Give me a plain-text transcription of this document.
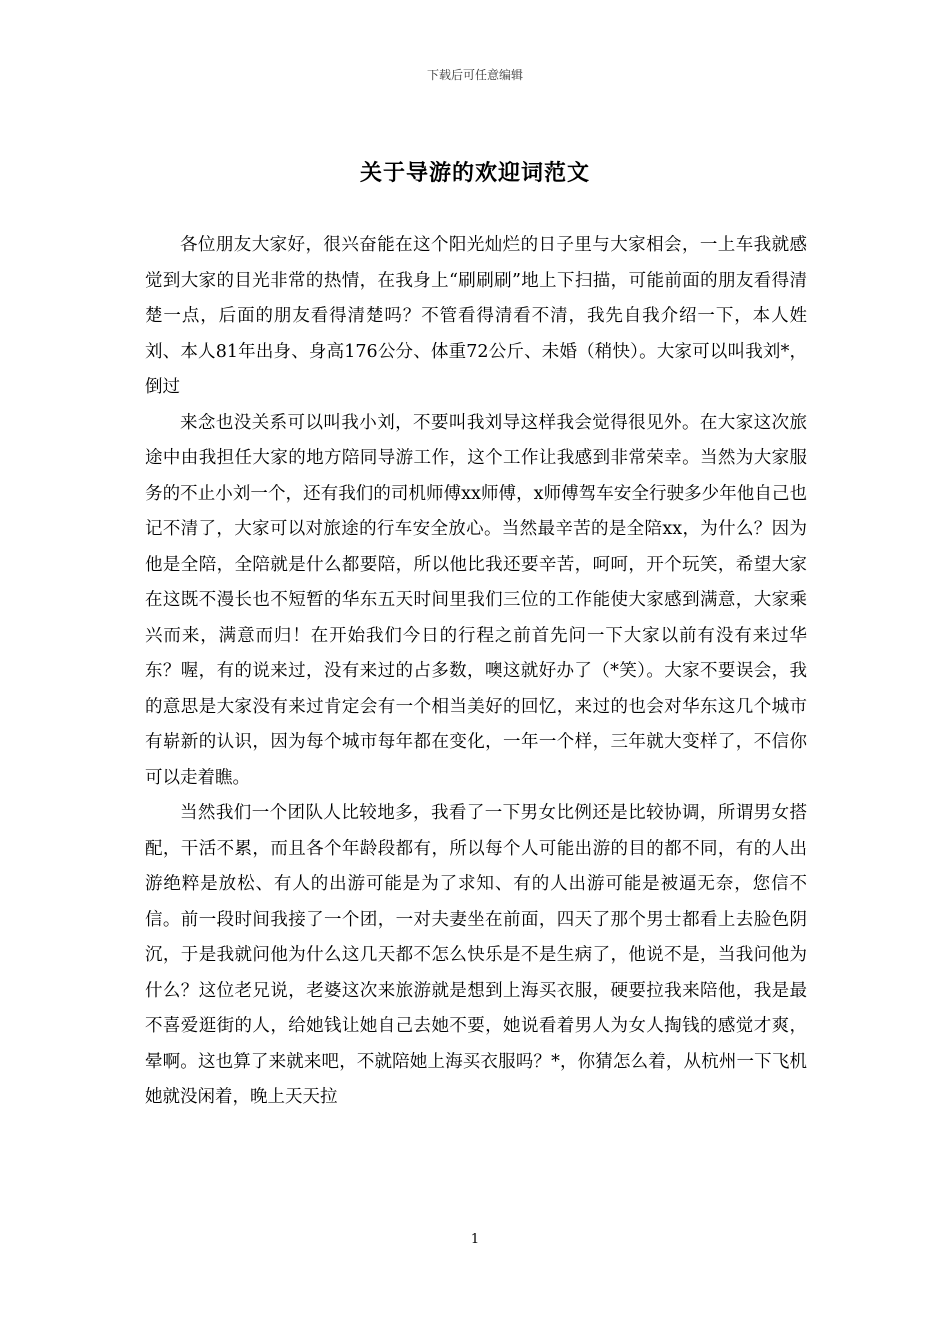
下载后可任意编辑
关于导游的欢迎词范文

各位朋友大家好，很兴奋能在这个阳光灿烂的日子里与大家相会，一上车我就感觉到大家的目光非常的热情，在我身上“刷刷刷”地上下扫描，可能前面的朋友看得清楚一点，后面的朋友看得清楚吗？不管看得清看不清，我先自我介绍一下，本人姓刘、本人81年出身、身高176公分、体重72公斤、未婚（稍快）。大家可以叫我刘*，倒过

来念也没关系可以叫我小刘，不要叫我刘导这样我会觉得很见外。在大家这次旅途中由我担任大家的地方陪同导游工作，这个工作让我感到非常荣幸。当然为大家服务的不止小刘一个，还有我们的司机师傅xx师傅，x师傅驾车安全行驶多少年他自己也记不清了，大家可以对旅途的行车安全放心。当然最辛苦的是全陪xx，为什么？因为他是全陪，全陪就是什么都要陪，所以他比我还要辛苦，呵呵，开个玩笑，希望大家在这既不漫长也不短暂的华东五天时间里我们三位的工作能使大家感到满意，大家乘兴而来，满意而归！在开始我们今日的行程之前首先问一下大家以前有没有来过华东？喔，有的说来过，没有来过的占多数，噢这就好办了（*笑）。大家不要误会，我的意思是大家没有来过肯定会有一个相当美好的回忆，来过的也会对华东这几个城市有崭新的认识，因为每个城市每年都在变化，一年一个样，三年就大变样了，不信你可以走着瞧。

当然我们一个团队人比较地多，我看了一下男女比例还是比较协调，所谓男女搭配，干活不累，而且各个年龄段都有，所以每个人可能出游的目的都不同，有的人出游绝粹是放松、有人的出游可能是为了求知、有的人出游可能是被逼无奈，您信不信。前一段时间我接了一个团，一对夫妻坐在前面，四天了那个男士都看上去脸色阴沉，于是我就问他为什么这几天都不怎么快乐是不是生病了，他说不是，当我问他为什么？这位老兄说，老婆这次来旅游就是想到上海买衣服，硬要拉我来陪他，我是最不喜爱逛街的人，给她钱让她自己去她不要，她说看着男人为女人掏钱的感觉才爽，晕啊。这也算了来就来吧，不就陪她上海买衣服吗？*，你猜怎么着，从杭州一下飞机她就没闲着，晚上天天拉

1
